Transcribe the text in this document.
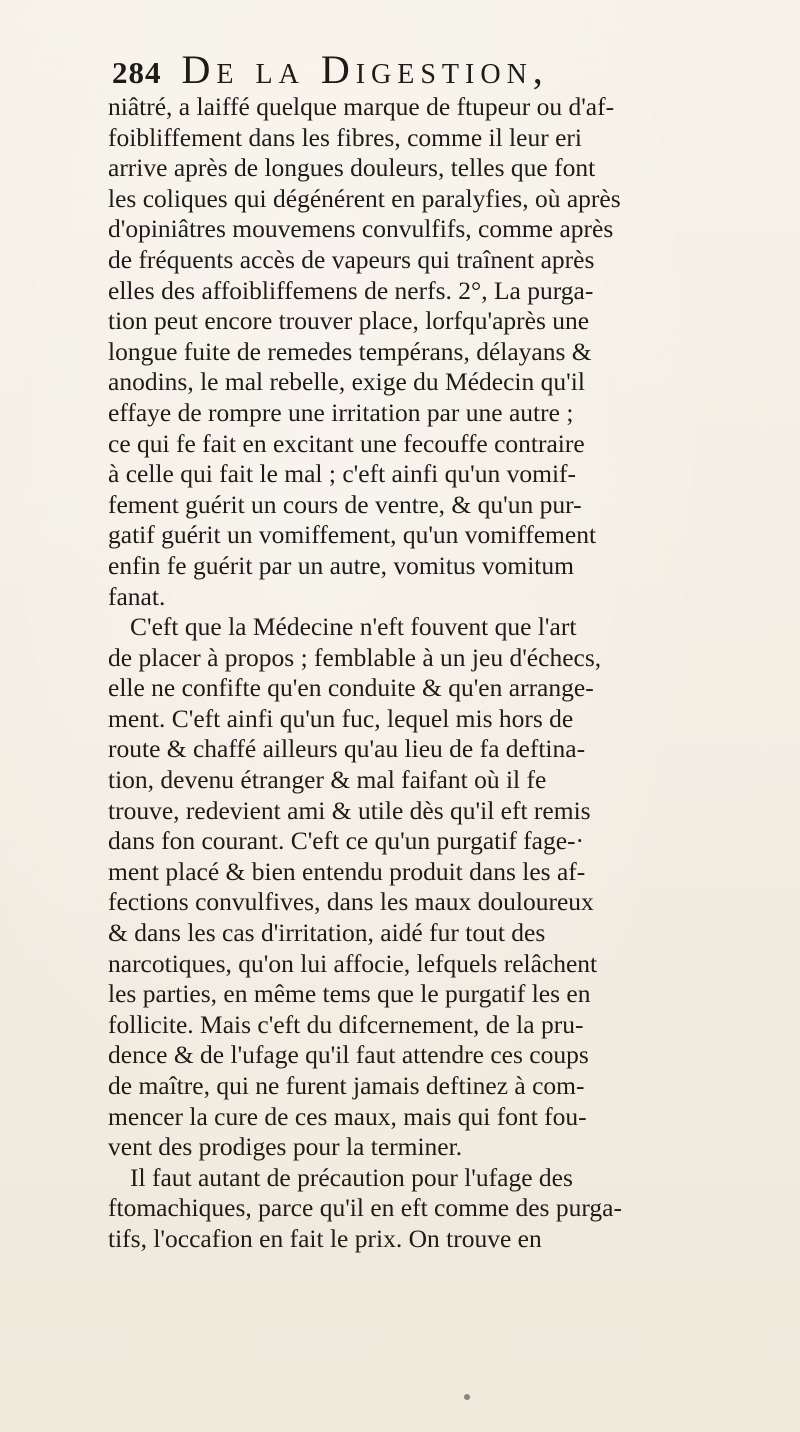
284 De la Digestion,
niâtré, a laiffé quelque marque de ftupeur ou d'af-
foibliffement dans les fibres, comme il leur eri
arrive après de longues douleurs, telles que font
les coliques qui dégénérent en paralyfies, où après
d'opiniâtres mouvemens convulfifs, comme après
de fréquents accès de vapeurs qui traînent après
elles des affoibliffemens de nerfs. 2°, La purga-
tion peut encore trouver place, lorfqu'après une
longue fuite de remedes tempérans, délayans &
anodins, le mal rebelle, exige du Médecin qu'il
effaye de rompre une irritation par une autre ;
ce qui fe fait en excitant une fecouffe contraire
à celle qui fait le mal ; c'eft ainfi qu'un vomif-
fement guérit un cours de ventre, & qu'un pur-
gatif guérit un vomiffement, qu'un vomiffement
enfin fe guérit par un autre, vomitus vomitum
fanat.
C'eft que la Médecine n'eft fouvent que l'art
de placer à propos ; femblable à un jeu d'échecs,
elle ne confifte qu'en conduite & qu'en arrange-
ment. C'eft ainfi qu'un fuc, lequel mis hors de
route & chaffé ailleurs qu'au lieu de fa deftina-
tion, devenu étranger & mal faifant où il fe
trouve, redevient ami & utile dès qu'il eft remis
dans fon courant. C'eft ce qu'un purgatif fage-·
ment placé & bien entendu produit dans les af-
fections convulfives, dans les maux douloureux
& dans les cas d'irritation, aidé fur tout des
narcotiques, qu'on lui affocie, lefquels relâchent
les parties, en même tems que le purgatif les en
follicite. Mais c'eft du difcernement, de la pru-
dence & de l'ufage qu'il faut attendre ces coups
de maître, qui ne furent jamais deftinez à com-
mencer la cure de ces maux, mais qui font fou-
vent des prodiges pour la terminer.
Il faut autant de précaution pour l'ufage des
ftomachiques, parce qu'il en eft comme des purga-
tifs, l'occafion en fait le prix. On trouve en
